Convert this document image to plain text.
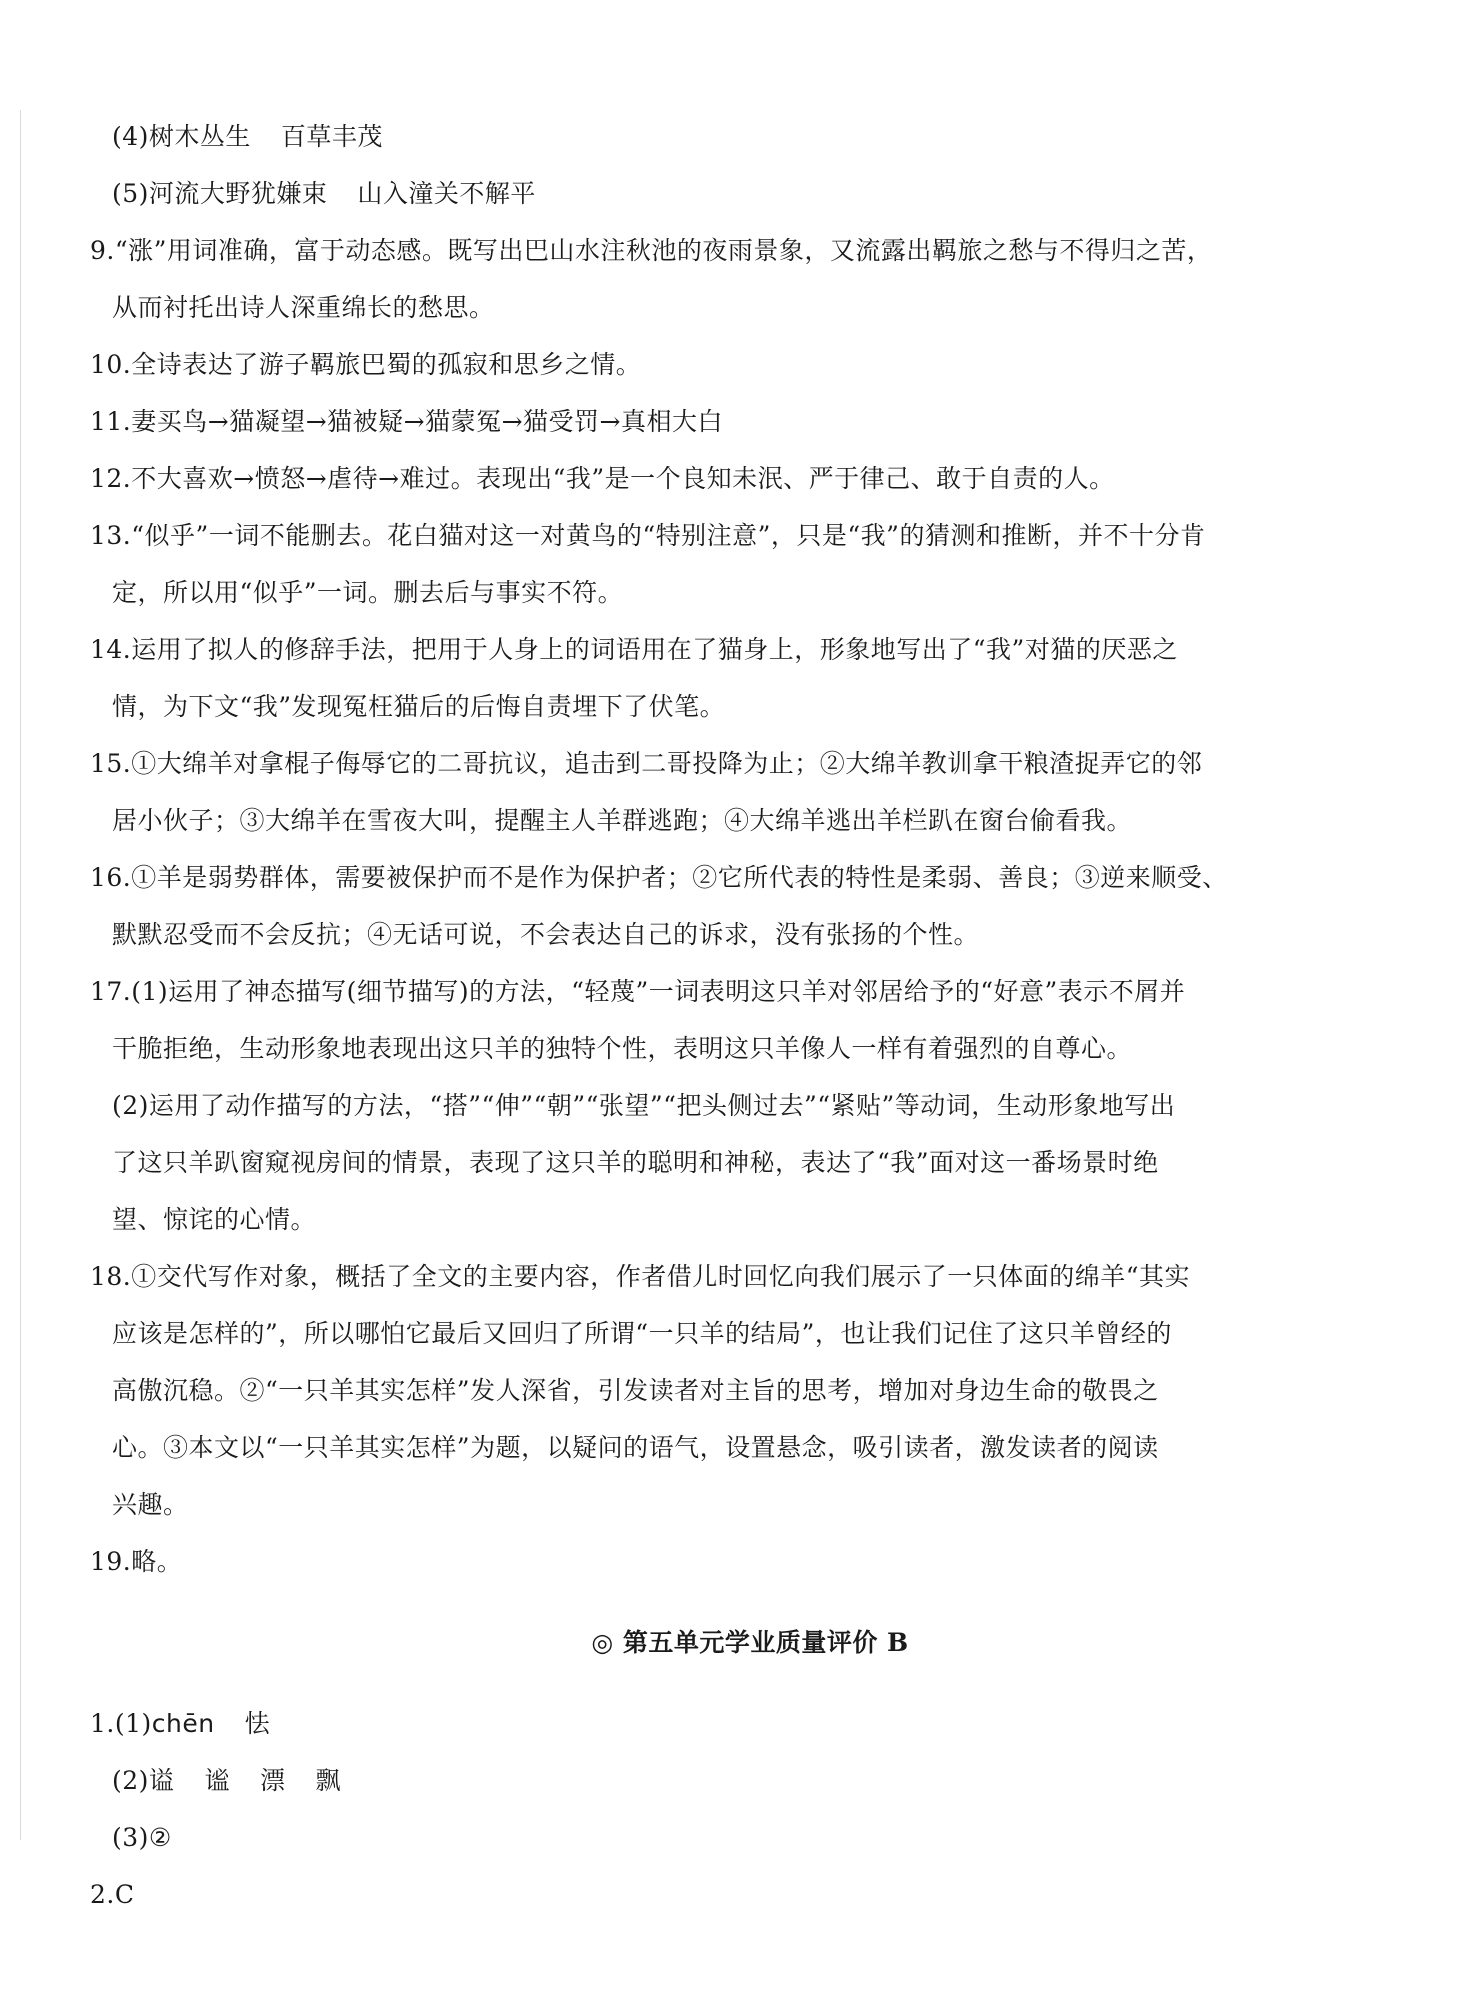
(4)树木丛生 百草丰茂
(5)河流大野犹嫌束 山入潼关不解平
9.“涨”用词准确，富于动态感。既写出巴山水注秋池的夜雨景象，又流露出羁旅之愁与不得归之苦，
从而衬托出诗人深重绵长的愁思。
10.全诗表达了游子羁旅巴蜀的孤寂和思乡之情。
11.妻买鸟→猫凝望→猫被疑→猫蒙冤→猫受罚→真相大白
12.不大喜欢→愤怒→虐待→难过。表现出“我”是一个良知未泯、严于律己、敢于自责的人。
13.“似乎”一词不能删去。花白猫对这一对黄鸟的“特别注意”，只是“我”的猜测和推断，并不十分肯
定，所以用“似乎”一词。删去后与事实不符。
14.运用了拟人的修辞手法，把用于人身上的词语用在了猫身上，形象地写出了“我”对猫的厌恶之
情，为下文“我”发现冤枉猫后的后悔自责埋下了伏笔。
15.①大绵羊对拿棍子侮辱它的二哥抗议，追击到二哥投降为止；②大绵羊教训拿干粮渣捉弄它的邻
居小伙子；③大绵羊在雪夜大叫，提醒主人羊群逃跑；④大绵羊逃出羊栏趴在窗台偷看我。
16.①羊是弱势群体，需要被保护而不是作为保护者；②它所代表的特性是柔弱、善良；③逆来顺受、
默默忍受而不会反抗；④无话可说，不会表达自己的诉求，没有张扬的个性。
17.(1)运用了神态描写(细节描写)的方法，“轻蔑”一词表明这只羊对邻居给予的“好意”表示不屑并
干脆拒绝，生动形象地表现出这只羊的独特个性，表明这只羊像人一样有着强烈的自尊心。
(2)运用了动作描写的方法，“搭”“伸”“朝”“张望”“把头侧过去”“紧贴”等动词，生动形象地写出
了这只羊趴窗窥视房间的情景，表现了这只羊的聪明和神秘，表达了“我”面对这一番场景时绝
望、惊诧的心情。
18.①交代写作对象，概括了全文的主要内容，作者借儿时回忆向我们展示了一只体面的绵羊“其实
应该是怎样的”，所以哪怕它最后又回归了所谓“一只羊的结局”，也让我们记住了这只羊曾经的
高傲沉稳。②“一只羊其实怎样”发人深省，引发读者对主旨的思考，增加对身边生命的敬畏之
心。③本文以“一只羊其实怎样”为题，以疑问的语气，设置悬念，吸引读者，激发读者的阅读
兴趣。
19.略。
◎ 第五单元学业质量评价 B
1.(1)chēn 怯
(2)谥 谧 漂 飘
(3)②
2.C
